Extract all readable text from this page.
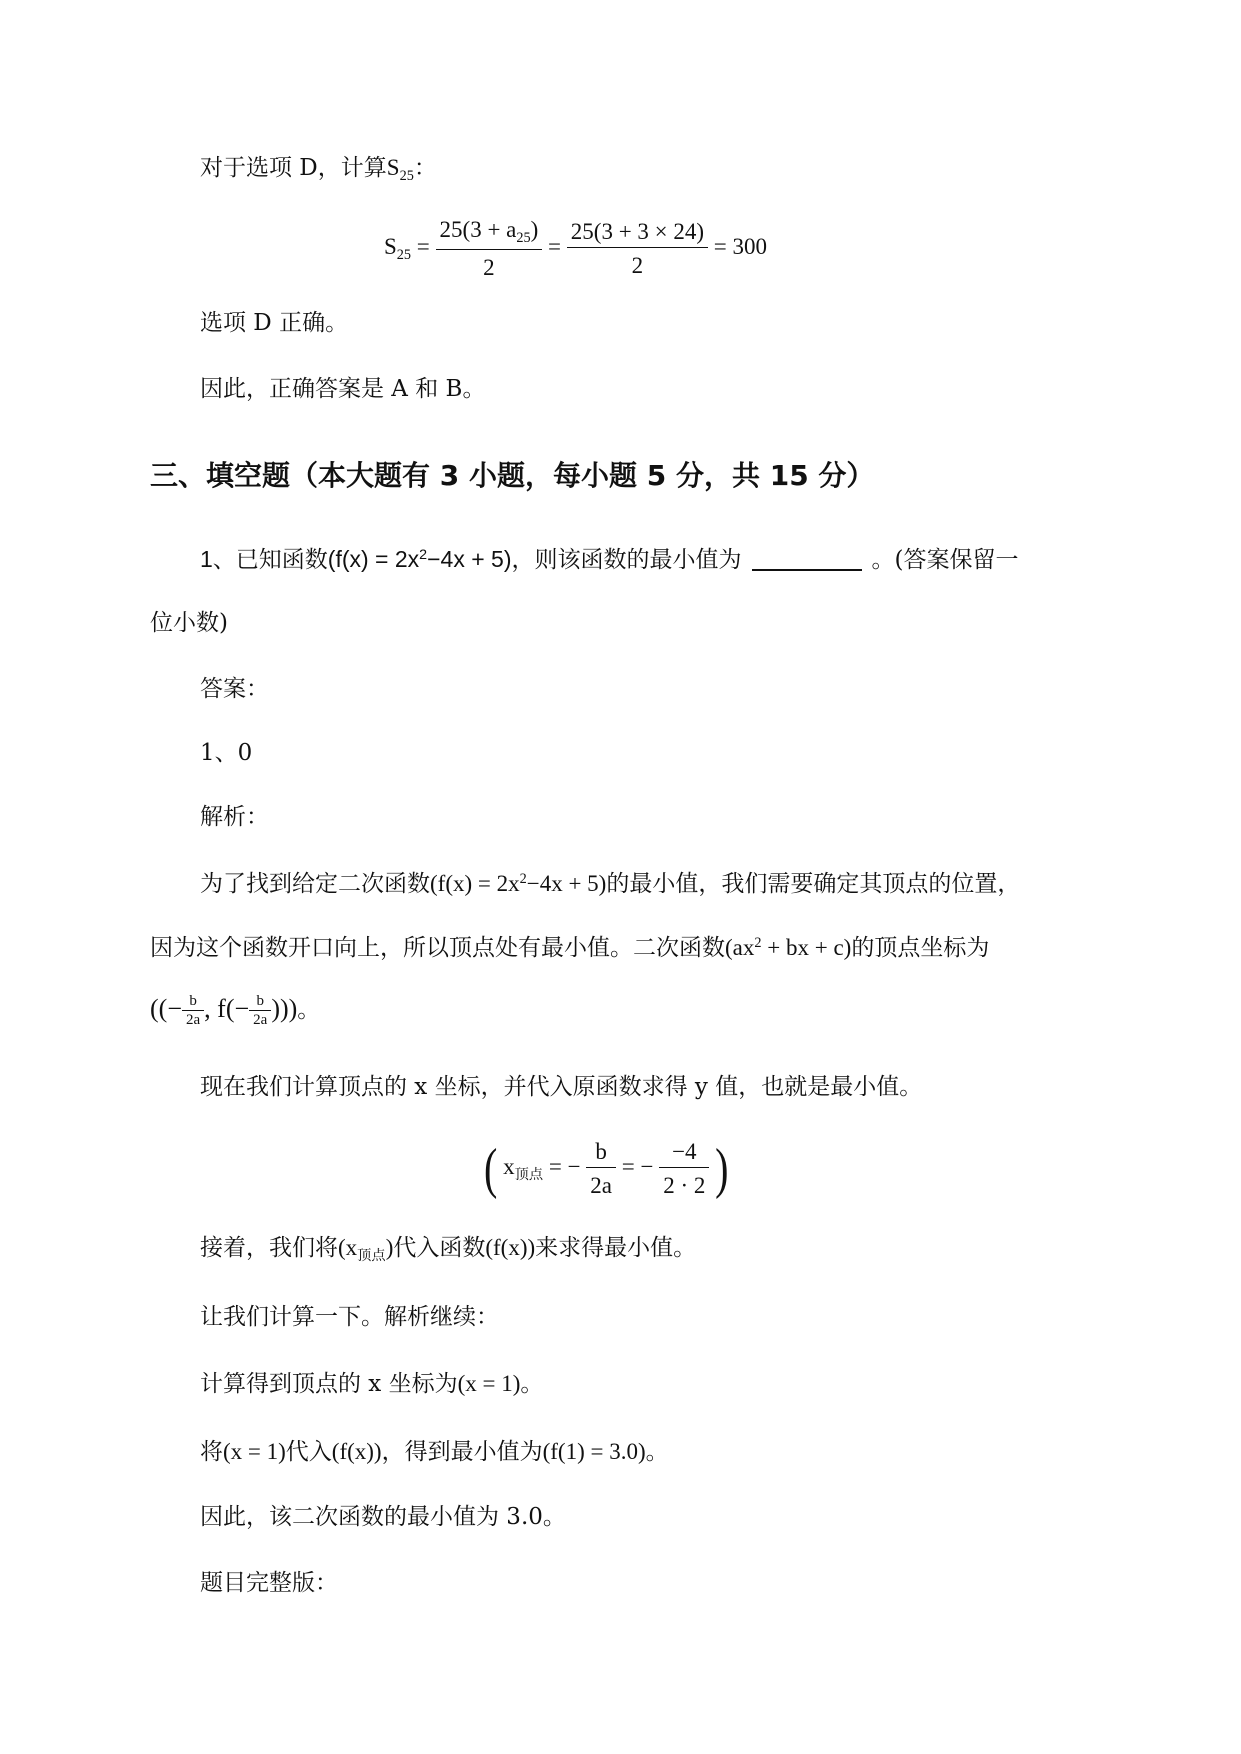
对于选项 D，计算$S_{25}$：
$S_{25} = \frac{25(3 + a_{25})}{2} = \frac{25(3 + 3 \times 24)}{2} = 300$
选项 D 正确。
因此，正确答案是 A 和 B。
三、填空题（本大题有 3 小题，每小题 5 分，共 15 分）
1、已知函数$(f(x) = 2x^2-4x + 5)$，则该函数的最小值为	。(答案保留一
位小数)
答案：
1、0
解析：
为了找到给定二次函数$(f(x) = 2x^2-4x + 5)$的最小值，我们需要确定其顶点的位置，
因为这个函数开口向上，所以顶点处有最小值。二次函数($ax^2$ + bx + c)的顶点坐标为
((− $\frac{b}{2a}$ , $f(- \frac{b}{2a}$ )))。
现在我们计算顶点的 x 坐标，并代入原函数求得 y 值，也就是最小值。
( $x_{顶点}$ = − $\frac{b}{2a}$ = − $\frac{-4}{2 \cdot 2}$ )
接着，我们将$(x_{顶点})$代入函数(f(x))来求得最小值。
让我们计算一下。解析继续：
计算得到顶点的 x 坐标为(x = 1)。
将(x = 1)代入(f(x))，得到最小值为(f(1) = 3.0)。
因此，该二次函数的最小值为 3.0。
题目完整版：
